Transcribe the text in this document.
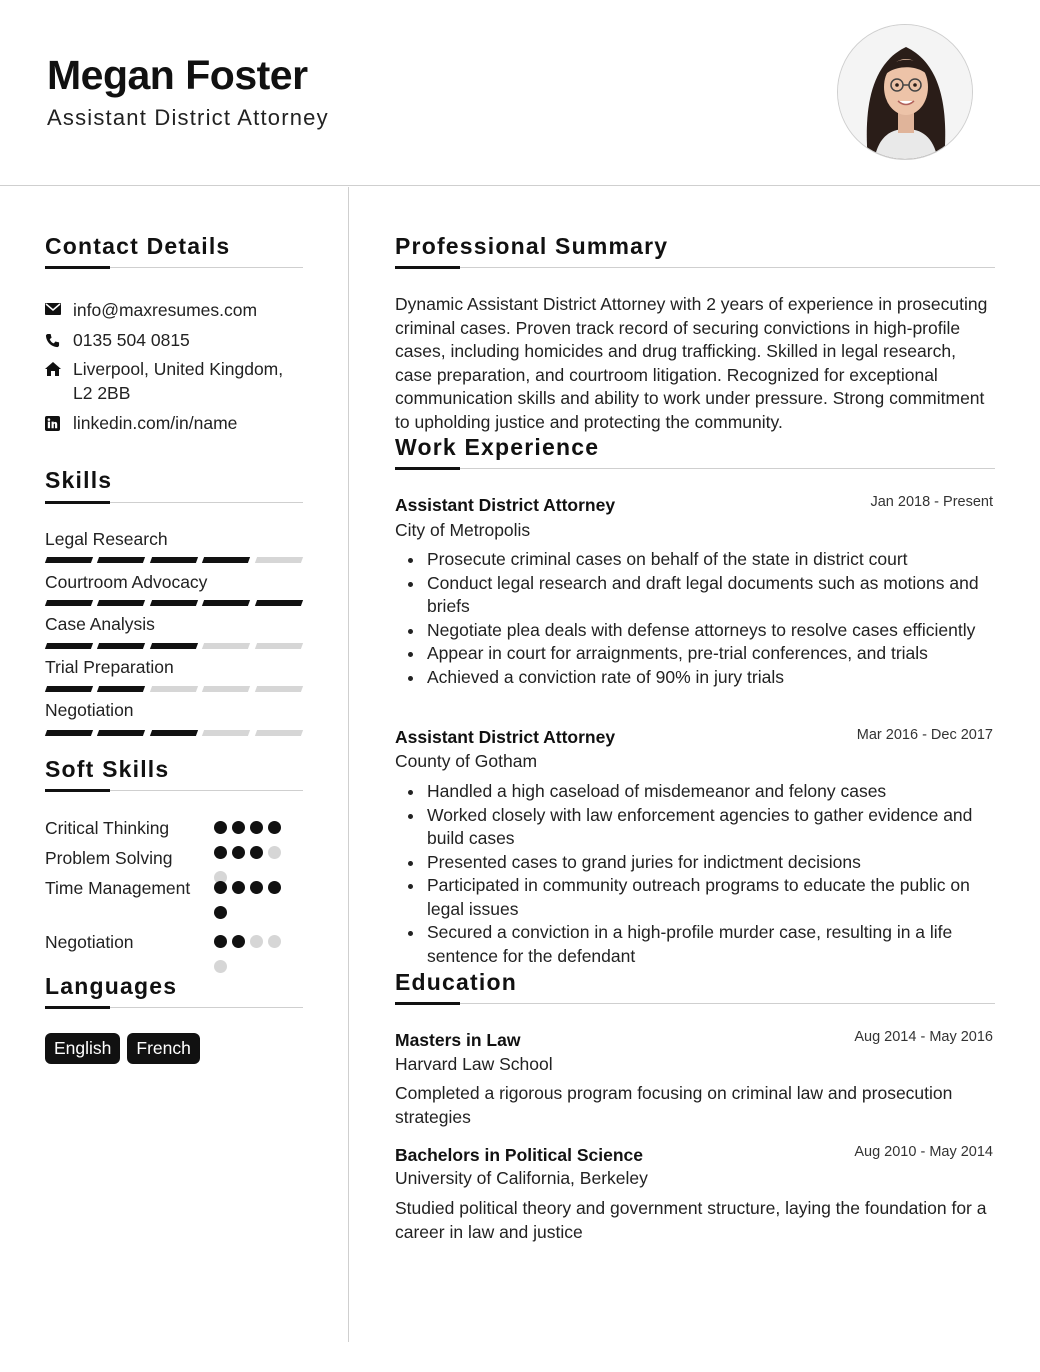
Megan Foster
Assistant District Attorney
Contact Details
info@maxresumes.com
0135 504 0815
Liverpool, United Kingdom,
L2 2BB
linkedin.com/in/name
Skills
Legal Research
Courtroom Advocacy
Case Analysis
Trial Preparation
Negotiation
Soft Skills
Critical Thinking
Problem Solving
Time Management
Negotiation
Languages
English	French
Professional Summary
Dynamic Assistant District Attorney with 2 years of experience in prosecuting criminal cases. Proven track record of securing convictions in high-profile cases, including homicides and drug trafficking. Skilled in legal research, case preparation, and courtroom litigation. Recognized for exceptional communication skills and ability to work under pressure. Strong commitment to upholding justice and protecting the community.
Work Experience
Assistant District Attorney	Jan 2018 - Present
City of Metropolis
Prosecute criminal cases on behalf of the state in district court
Conduct legal research and draft legal documents such as motions and briefs
Negotiate plea deals with defense attorneys to resolve cases efficiently
Appear in court for arraignments, pre-trial conferences, and trials
Achieved a conviction rate of 90% in jury trials
Assistant District Attorney	Mar 2016 - Dec 2017
County of Gotham
Handled a high caseload of misdemeanor and felony cases
Worked closely with law enforcement agencies to gather evidence and build cases
Presented cases to grand juries for indictment decisions
Participated in community outreach programs to educate the public on legal issues
Secured a conviction in a high-profile murder case, resulting in a life sentence for the defendant
Education
Masters in Law	Aug 2014 - May 2016
Harvard Law School
Completed a rigorous program focusing on criminal law and prosecution strategies
Bachelors in Political Science	Aug 2010 - May 2014
University of California, Berkeley
Studied political theory and government structure, laying the foundation for a career in law and justice
